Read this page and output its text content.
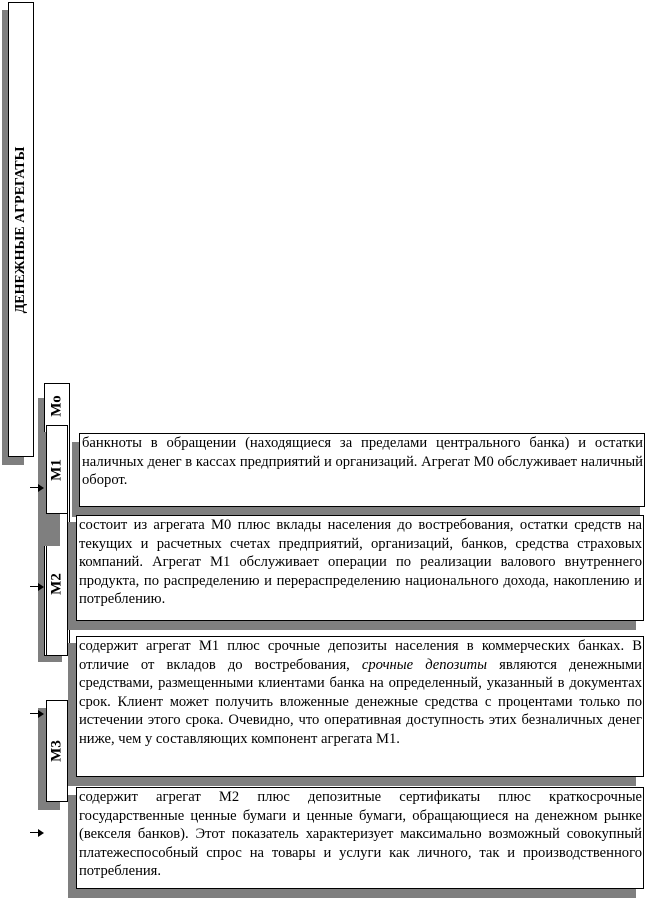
ДЕНЕЖНЫЕ АГРЕГАТЫ
М3
М2
Мо
М1

банкноты в обращении (находящиеся за пределами центрального банка) и остатки наличных денег в кассах предприятий и организаций. Агрегат М0 обслуживает наличный оборот.

состоит из агрегата М0 плюс вклады населения до востребования, остатки средств на текущих и расчетных счетах предприятий, организаций, банков, средства страховых компаний. Агрегат М1 обслуживает операции по реализации валового внутреннего продукта, по распределению и перераспределению национального дохода, накоплению и потреблению.

содержит агрегат М1 плюс срочные депозиты населения в коммерческих банках. В отличие от вкладов до востребования, срочные депозиты являются денежными средствами, размещенными клиентами банка на определенный, указанный в документах срок. Клиент может получить вложенные денежные средства с процентами только по истечении этого срока. Очевидно, что оперативная доступность этих безналичных денег ниже, чем у составляющих компонент агрегата М1.

содержит агрегат М2 плюс депозитные сертификаты плюс краткосрочные государственные ценные бумаги и ценные бумаги, обращающиеся на денежном рынке (векселя банков). Этот показатель характеризует максимально возможный совокупный платежеспособный спрос на товары и услуги как личного, так и производственного потребления.
